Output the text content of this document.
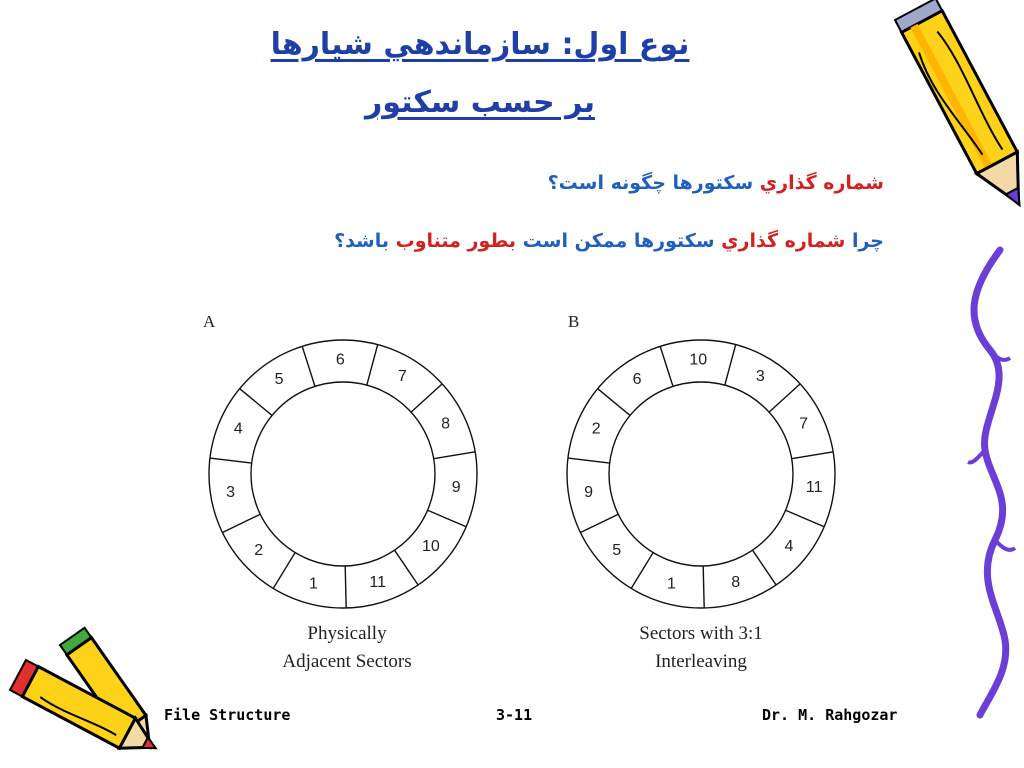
نوع اول: سازماندهي شيارها
بر حسب سكتور
شماره گذاري سكتورها چگونه است؟
چرا شماره گذاري سكتورها ممكن است بطور متناوب باشد؟
A
1
2
3
4
5
6
7
8
9
10
11
Physically
Adjacent Sectors
B
1
5
9
2
6
10
3
7
11
4
8
Sectors with 3:1
Interleaving
File Structure	3-11	Dr. M. Rahgozar
